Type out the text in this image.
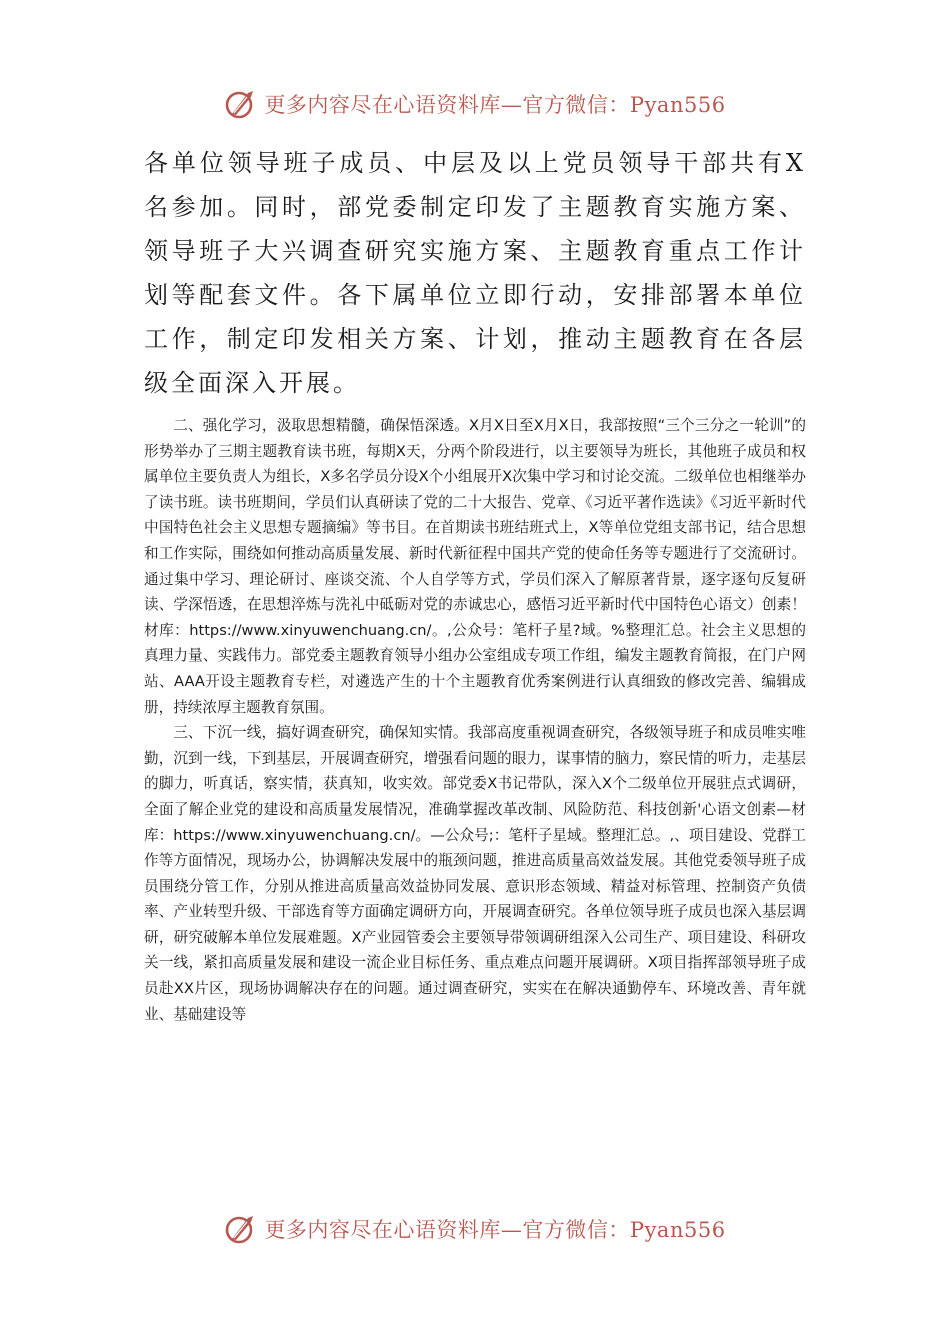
更多内容尽在心语资料库—官方微信：Pyan556

各单位领导班子成员、中层及以上党员领导干部共有X名参加。同时，部党委制定印发了主题教育实施方案、领导班子大兴调查研究实施方案、主题教育重点工作计划等配套文件。各下属单位立即行动，安排部署本单位工作，制定印发相关方案、计划，推动主题教育在各层级全面深入开展。

二、强化学习，汲取思想精髓，确保悟深透。X月X日至X月X日，我部按照“三个三分之一轮训”的形势举办了三期主题教育读书班，每期X天，分两个阶段进行，以主要领导为班长，其他班子成员和权属单位主要负责人为组长，X多名学员分设X个小组展开X次集中学习和讨论交流。二级单位也相继举办了读书班。读书班期间，学员们认真研读了党的二十大报告、党章、《习近平著作选读》《习近平新时代中国特色社会主义思想专题摘编》等书目。在首期读书班结班式上，X等单位党组支部书记，结合思想和工作实际，围绕如何推动高质量发展、新时代新征程中国共产党的使命任务等专题进行了交流研讨。通过集中学习、理论研讨、座谈交流、个人自学等方式，学员们深入了解原著背景，逐字逐句反复研读、学深悟透，在思想淬炼与洗礼中砥砺对党的赤诚忠心，感悟习近平新时代中国特色心语文）创素！材库：https://www.xinyuwenchuang.cn/。,公众号：笔杆子星?域。%整理汇总。社会主义思想的真理力量、实践伟力。部党委主题教育领导小组办公室组成专项工作组，编发主题教育简报，在门户网站、AAA开设主题教育专栏，对遴选产生的十个主题教育优秀案例进行认真细致的修改完善、编辑成册，持续浓厚主题教育氛围。

三、下沉一线，搞好调查研究，确保知实情。我部高度重视调查研究，各级领导班子和成员唯实唯勤，沉到一线，下到基层，开展调查研究，增强看问题的眼力，谋事情的脑力，察民情的听力，走基层的脚力，听真话，察实情，获真知，收实效。部党委X书记带队，深入X个二级单位开展驻点式调研，全面了解企业党的建设和高质量发展情况，准确掌握改革改制、风险防范、科技创新'心语文创素—材库：https://www.xinyuwenchuang.cn/。—公众号;：笔杆子星域。整理汇总。,、项目建设、党群工作等方面情况，现场办公，协调解决发展中的瓶颈问题，推进高质量高效益发展。其他党委领导班子成员围绕分管工作，分别从推进高质量高效益协同发展、意识形态领域、精益对标管理、控制资产负债率、产业转型升级、干部选育等方面确定调研方向，开展调查研究。各单位领导班子成员也深入基层调研，研究破解本单位发展难题。X产业园管委会主要领导带领调研组深入公司生产、项目建设、科研攻关一线，紧扣高质量发展和建设一流企业目标任务、重点难点问题开展调研。X项目指挥部领导班子成员赴XX片区，现场协调解决存在的问题。通过调查研究，实实在在解决通勤停车、环境改善、青年就业、基础建设等

更多内容尽在心语资料库—官方微信：Pyan556
